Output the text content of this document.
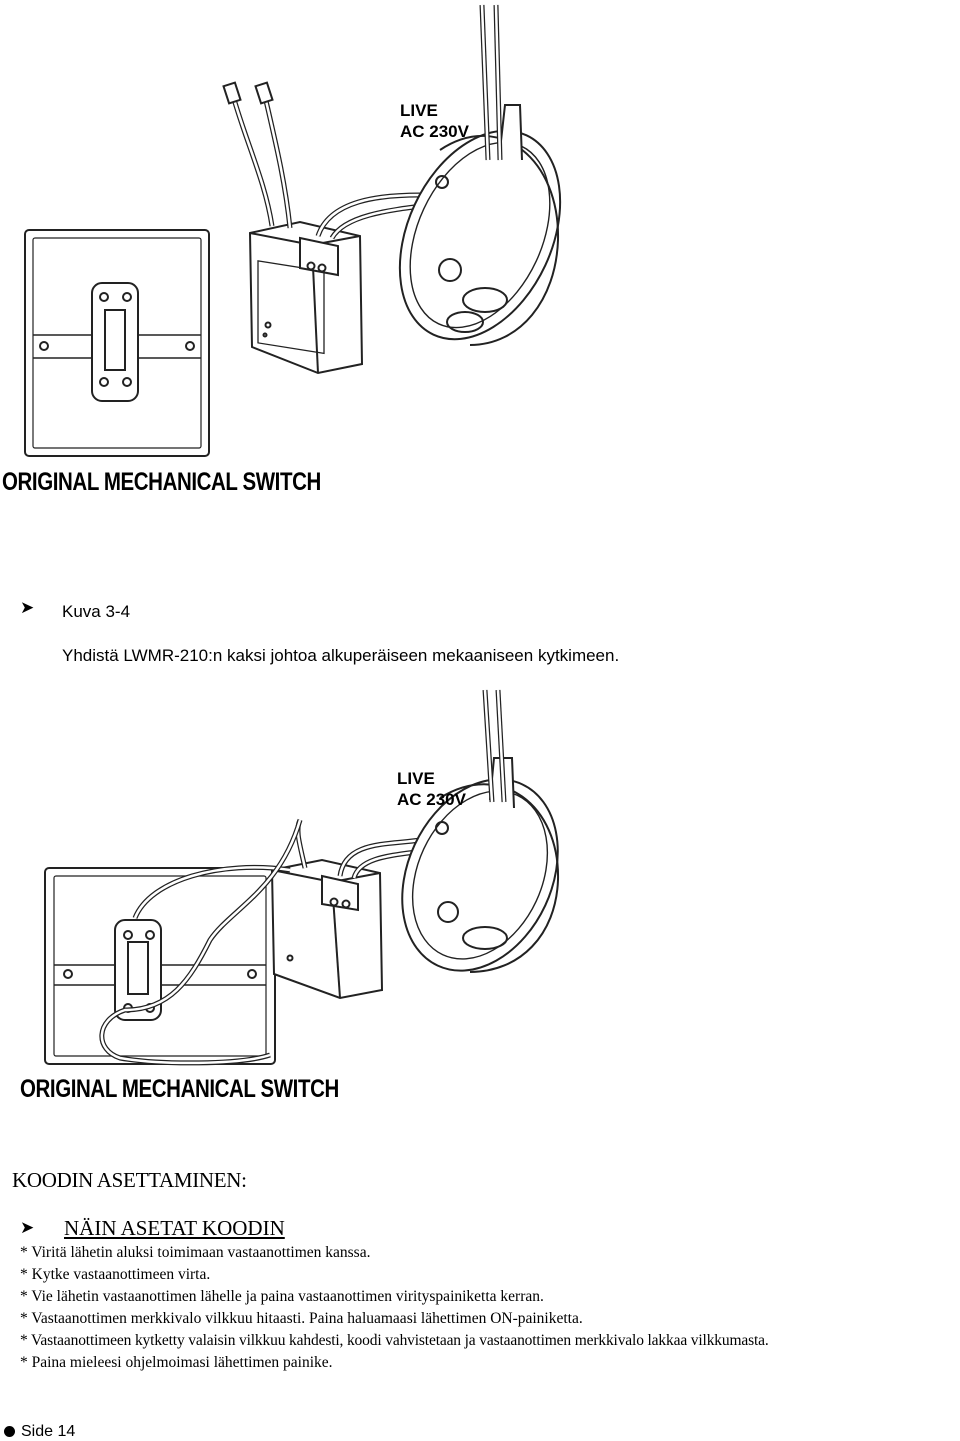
LIVE
AC 230V
ORIGINAL MECHANICAL SWITCH
➤ Kuva 3-4
Yhdistä LWMR-210:n kaksi johtoa alkuperäiseen mekaaniseen kytkimeen.
LIVE
AC 230V
ORIGINAL MECHANICAL SWITCH
KOODIN ASETTAMINEN:
➤ NÄIN ASETAT KOODIN
* Viritä lähetin aluksi toimimaan vastaanottimen kanssa.
* Kytke vastaanottimeen virta.
* Vie lähetin vastaanottimen lähelle ja paina vastaanottimen virityspainiketta kerran.
* Vastaanottimen merkkivalo vilkkuu hitaasti. Paina haluamaasi lähettimen ON-painiketta.
* Vastaanottimeen kytketty valaisin vilkkuu kahdesti, koodi vahvistetaan ja vastaanottimen merkkivalo lakkaa vilkkumasta.
* Paina mieleesi ohjelmoimasi lähettimen painike.
Side 14
